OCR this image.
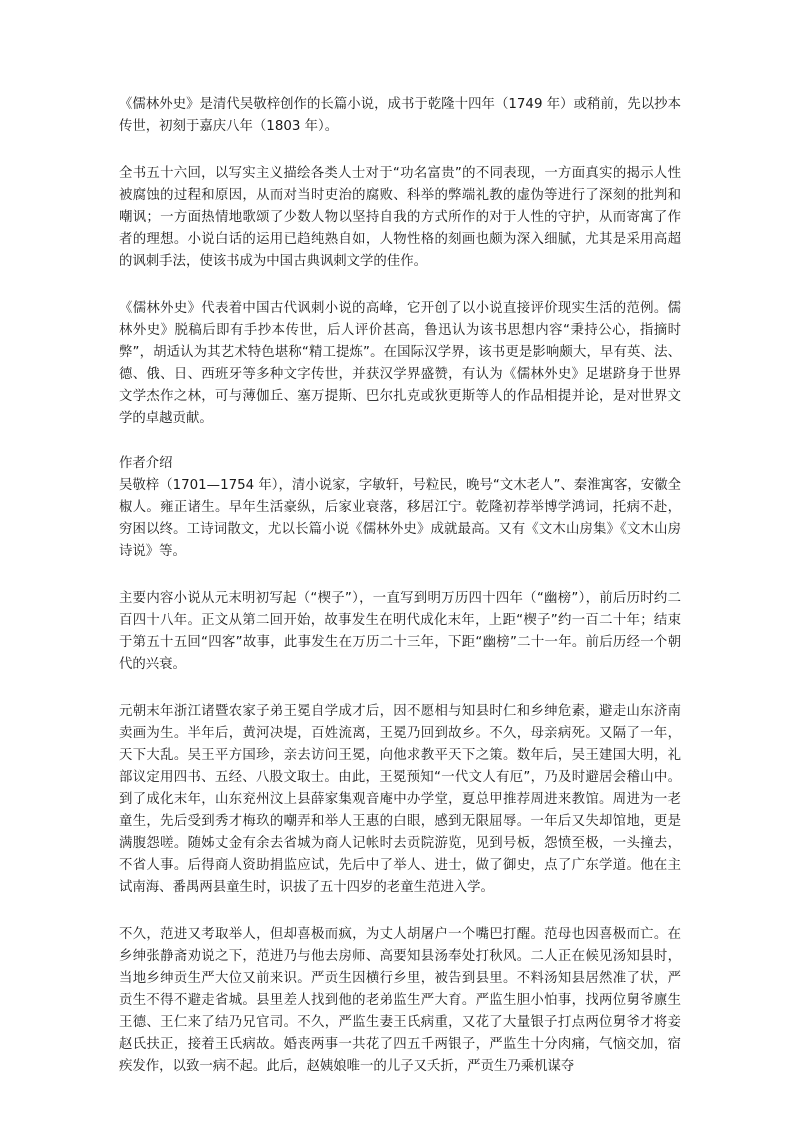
《儒林外史》是清代吴敬梓创作的长篇小说，成书于乾隆十四年（1749 年）或稍前，先以抄本传世，初刻于嘉庆八年（1803 年）。

全书五十六回，以写实主义描绘各类人士对于“功名富贵”的不同表现，一方面真实的揭示人性被腐蚀的过程和原因，从而对当时吏治的腐败、科举的弊端礼教的虚伪等进行了深刻的批判和嘲讽；一方面热情地歌颂了少数人物以坚持自我的方式所作的对于人性的守护，从而寄寓了作者的理想。小说白话的运用已趋纯熟自如，人物性格的刻画也颇为深入细腻，尤其是采用高超的讽刺手法，使该书成为中国古典讽刺文学的佳作。

《儒林外史》代表着中国古代讽刺小说的高峰，它开创了以小说直接评价现实生活的范例。儒林外史》脱稿后即有手抄本传世，后人评价甚高，鲁迅认为该书思想内容“秉持公心，指摘时弊”，胡适认为其艺术特色堪称“精工提炼”。在国际汉学界，该书更是影响颇大，早有英、法、德、俄、日、西班牙等多种文字传世，并获汉学界盛赞，有认为《儒林外史》足堪跻身于世界文学杰作之林，可与薄伽丘、塞万提斯、巴尔扎克或狄更斯等人的作品相提并论，是对世界文学的卓越贡献。

作者介绍

吴敬梓（1701—1754 年），清小说家，字敏轩，号粒民，晚号“文木老人”、秦淮寓客，安徽全椒人。雍正诸生。早年生活豪纵，后家业衰落，移居江宁。乾隆初荐举博学鸿词，托病不赴，穷困以终。工诗词散文，尤以长篇小说《儒林外史》成就最高。又有《文木山房集》《文木山房诗说》等。

主要内容小说从元末明初写起（“楔子”），一直写到明万历四十四年（“幽榜”），前后历时约二百四十八年。正文从第二回开始，故事发生在明代成化末年，上距“楔子”约一百二十年；结束于第五十五回“四客”故事，此事发生在万历二十三年，下距“幽榜”二十一年。前后历经一个朝代的兴衰。

元朝末年浙江诸暨农家子弟王冕自学成才后，因不愿相与知县时仁和乡绅危素，避走山东济南卖画为生。半年后，黄河决堤，百姓流离，王冕乃回到故乡。不久，母亲病死。又隔了一年，天下大乱。吴王平方国珍，亲去访问王冕，向他求教平天下之策。数年后，吴王建国大明，礼部议定用四书、五经、八股文取士。由此，王冕预知“一代文人有厄”，乃及时避居会稽山中。到了成化末年，山东兖州汶上县薛家集观音庵中办学堂，夏总甲推荐周进来教馆。周进为一老童生，先后受到秀才梅玖的嘲弄和举人王惠的白眼，感到无限屈辱。一年后又失却馆地，更是满腹怨嗟。随姊丈金有余去省城为商人记帐时去贡院游览，见到号板，怨愤至极，一头撞去，不省人事。后得商人资助捐监应试，先后中了举人、进士，做了御史，点了广东学道。他在主试南海、番禺两县童生时，识拔了五十四岁的老童生范进入学。

不久，范进又考取举人，但却喜极而疯，为丈人胡屠户一个嘴巴打醒。范母也因喜极而亡。在乡绅张静斋劝说之下，范进乃与他去房师、高要知县汤奉处打秋风。二人正在候见汤知县时，当地乡绅贡生严大位又前来识。严贡生因横行乡里，被告到县里。不料汤知县居然准了状，严贡生不得不避走省城。县里差人找到他的老弟监生严大育。严监生胆小怕事，找两位舅爷廪生王德、王仁来了结乃兄官司。不久，严监生妻王氏病重，又花了大量银子打点两位舅爷才将妾赵氏扶正，接着王氏病故。婚丧两事一共花了四五千两银子，严监生十分肉痛，气恼交加，宿疾发作，以致一病不起。此后，赵姨娘唯一的儿子又夭折，严贡生乃乘机谋夺
